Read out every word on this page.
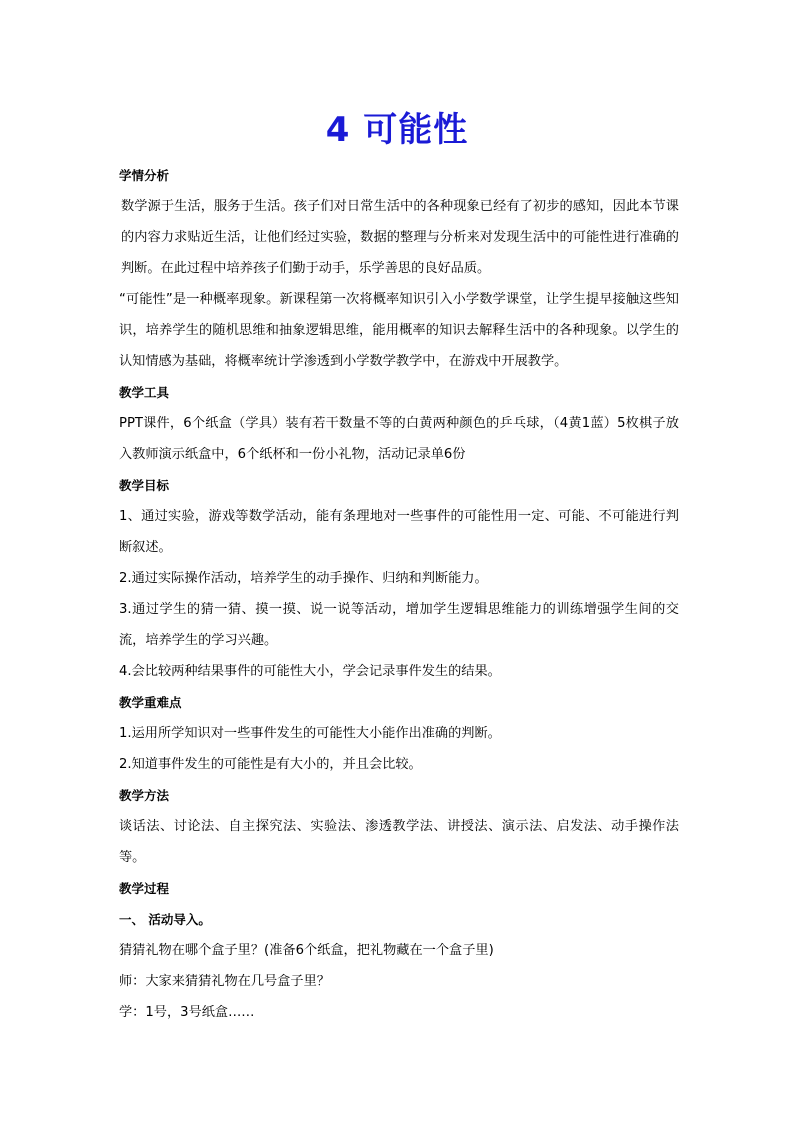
4 可能性
学情分析
数学源于生活，服务于生活。孩子们对日常生活中的各种现象已经有了初步的感知，因此本节课的内容力求贴近生活，让他们经过实验，数据的整理与分析来对发现生活中的可能性进行准确的判断。在此过程中培养孩子们勤于动手，乐学善思的良好品质。
“可能性”是一种概率现象。新课程第一次将概率知识引入小学数学课堂，让学生提早接触这些知识，培养学生的随机思维和抽象逻辑思维，能用概率的知识去解释生活中的各种现象。以学生的认知情感为基础，将概率统计学渗透到小学数学教学中，在游戏中开展教学。
教学工具
PPT课件，6个纸盒（学具）装有若干数量不等的白黄两种颜色的乒乓球，（4黄1蓝）5枚棋子放入教师演示纸盒中，6个纸杯和一份小礼物，活动记录单6份
教学目标
1、通过实验，游戏等数学活动，能有条理地对一些事件的可能性用一定、可能、不可能进行判断叙述。
2.通过实际操作活动，培养学生的动手操作、归纳和判断能力。
3.通过学生的猜一猜、摸一摸、说一说等活动，增加学生逻辑思维能力的训练增强学生间的交流，培养学生的学习兴趣。
4.会比较两种结果事件的可能性大小，学会记录事件发生的结果。
教学重难点
1.运用所学知识对一些事件发生的可能性大小能作出准确的判断。
2.知道事件发生的可能性是有大小的，并且会比较。
教学方法
谈话法、讨论法、自主探究法、实验法、渗透教学法、讲授法、演示法、启发法、动手操作法等。
教学过程
一、 活动导入。
猜猜礼物在哪个盒子里？(准备6个纸盒，把礼物藏在一个盒子里)
师：大家来猜猜礼物在几号盒子里？
学：1号，3号纸盒……
